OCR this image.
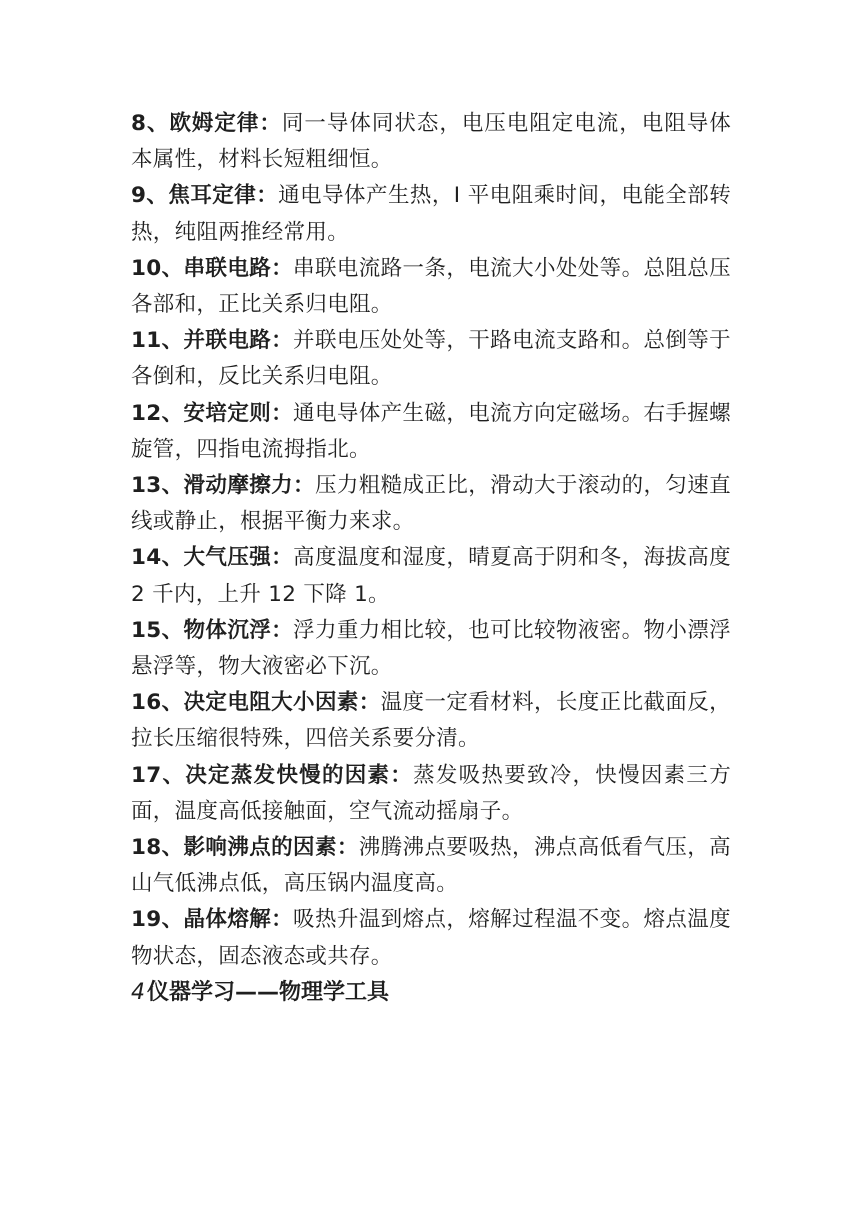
8、欧姆定律：同一导体同状态，电压电阻定电流，电阻导体本属性，材料长短粗细恒。

9、焦耳定律：通电导体产生热，I 平电阻乘时间，电能全部转热，纯阻两推经常用。

10、串联电路：串联电流路一条，电流大小处处等。总阻总压各部和，正比关系归电阻。

11、并联电路：并联电压处处等，干路电流支路和。总倒等于各倒和，反比关系归电阻。

12、安培定则：通电导体产生磁，电流方向定磁场。右手握螺旋管，四指电流拇指北。

13、滑动摩擦力：压力粗糙成正比，滑动大于滚动的，匀速直线或静止，根据平衡力来求。

14、大气压强：高度温度和湿度，晴夏高于阴和冬，海拔高度 2 千内，上升 12 下降 1。

15、物体沉浮：浮力重力相比较，也可比较物液密。物小漂浮悬浮等，物大液密必下沉。

16、决定电阻大小因素：温度一定看材料，长度正比截面反，拉长压缩很特殊，四倍关系要分清。

17、决定蒸发快慢的因素：蒸发吸热要致冷，快慢因素三方面，温度高低接触面，空气流动摇扇子。

18、影响沸点的因素：沸腾沸点要吸热，沸点高低看气压，高山气低沸点低，高压锅内温度高。

19、晶体熔解：吸热升温到熔点，熔解过程温不变。熔点温度物状态，固态液态或共存。

4仪器学习——物理学工具
